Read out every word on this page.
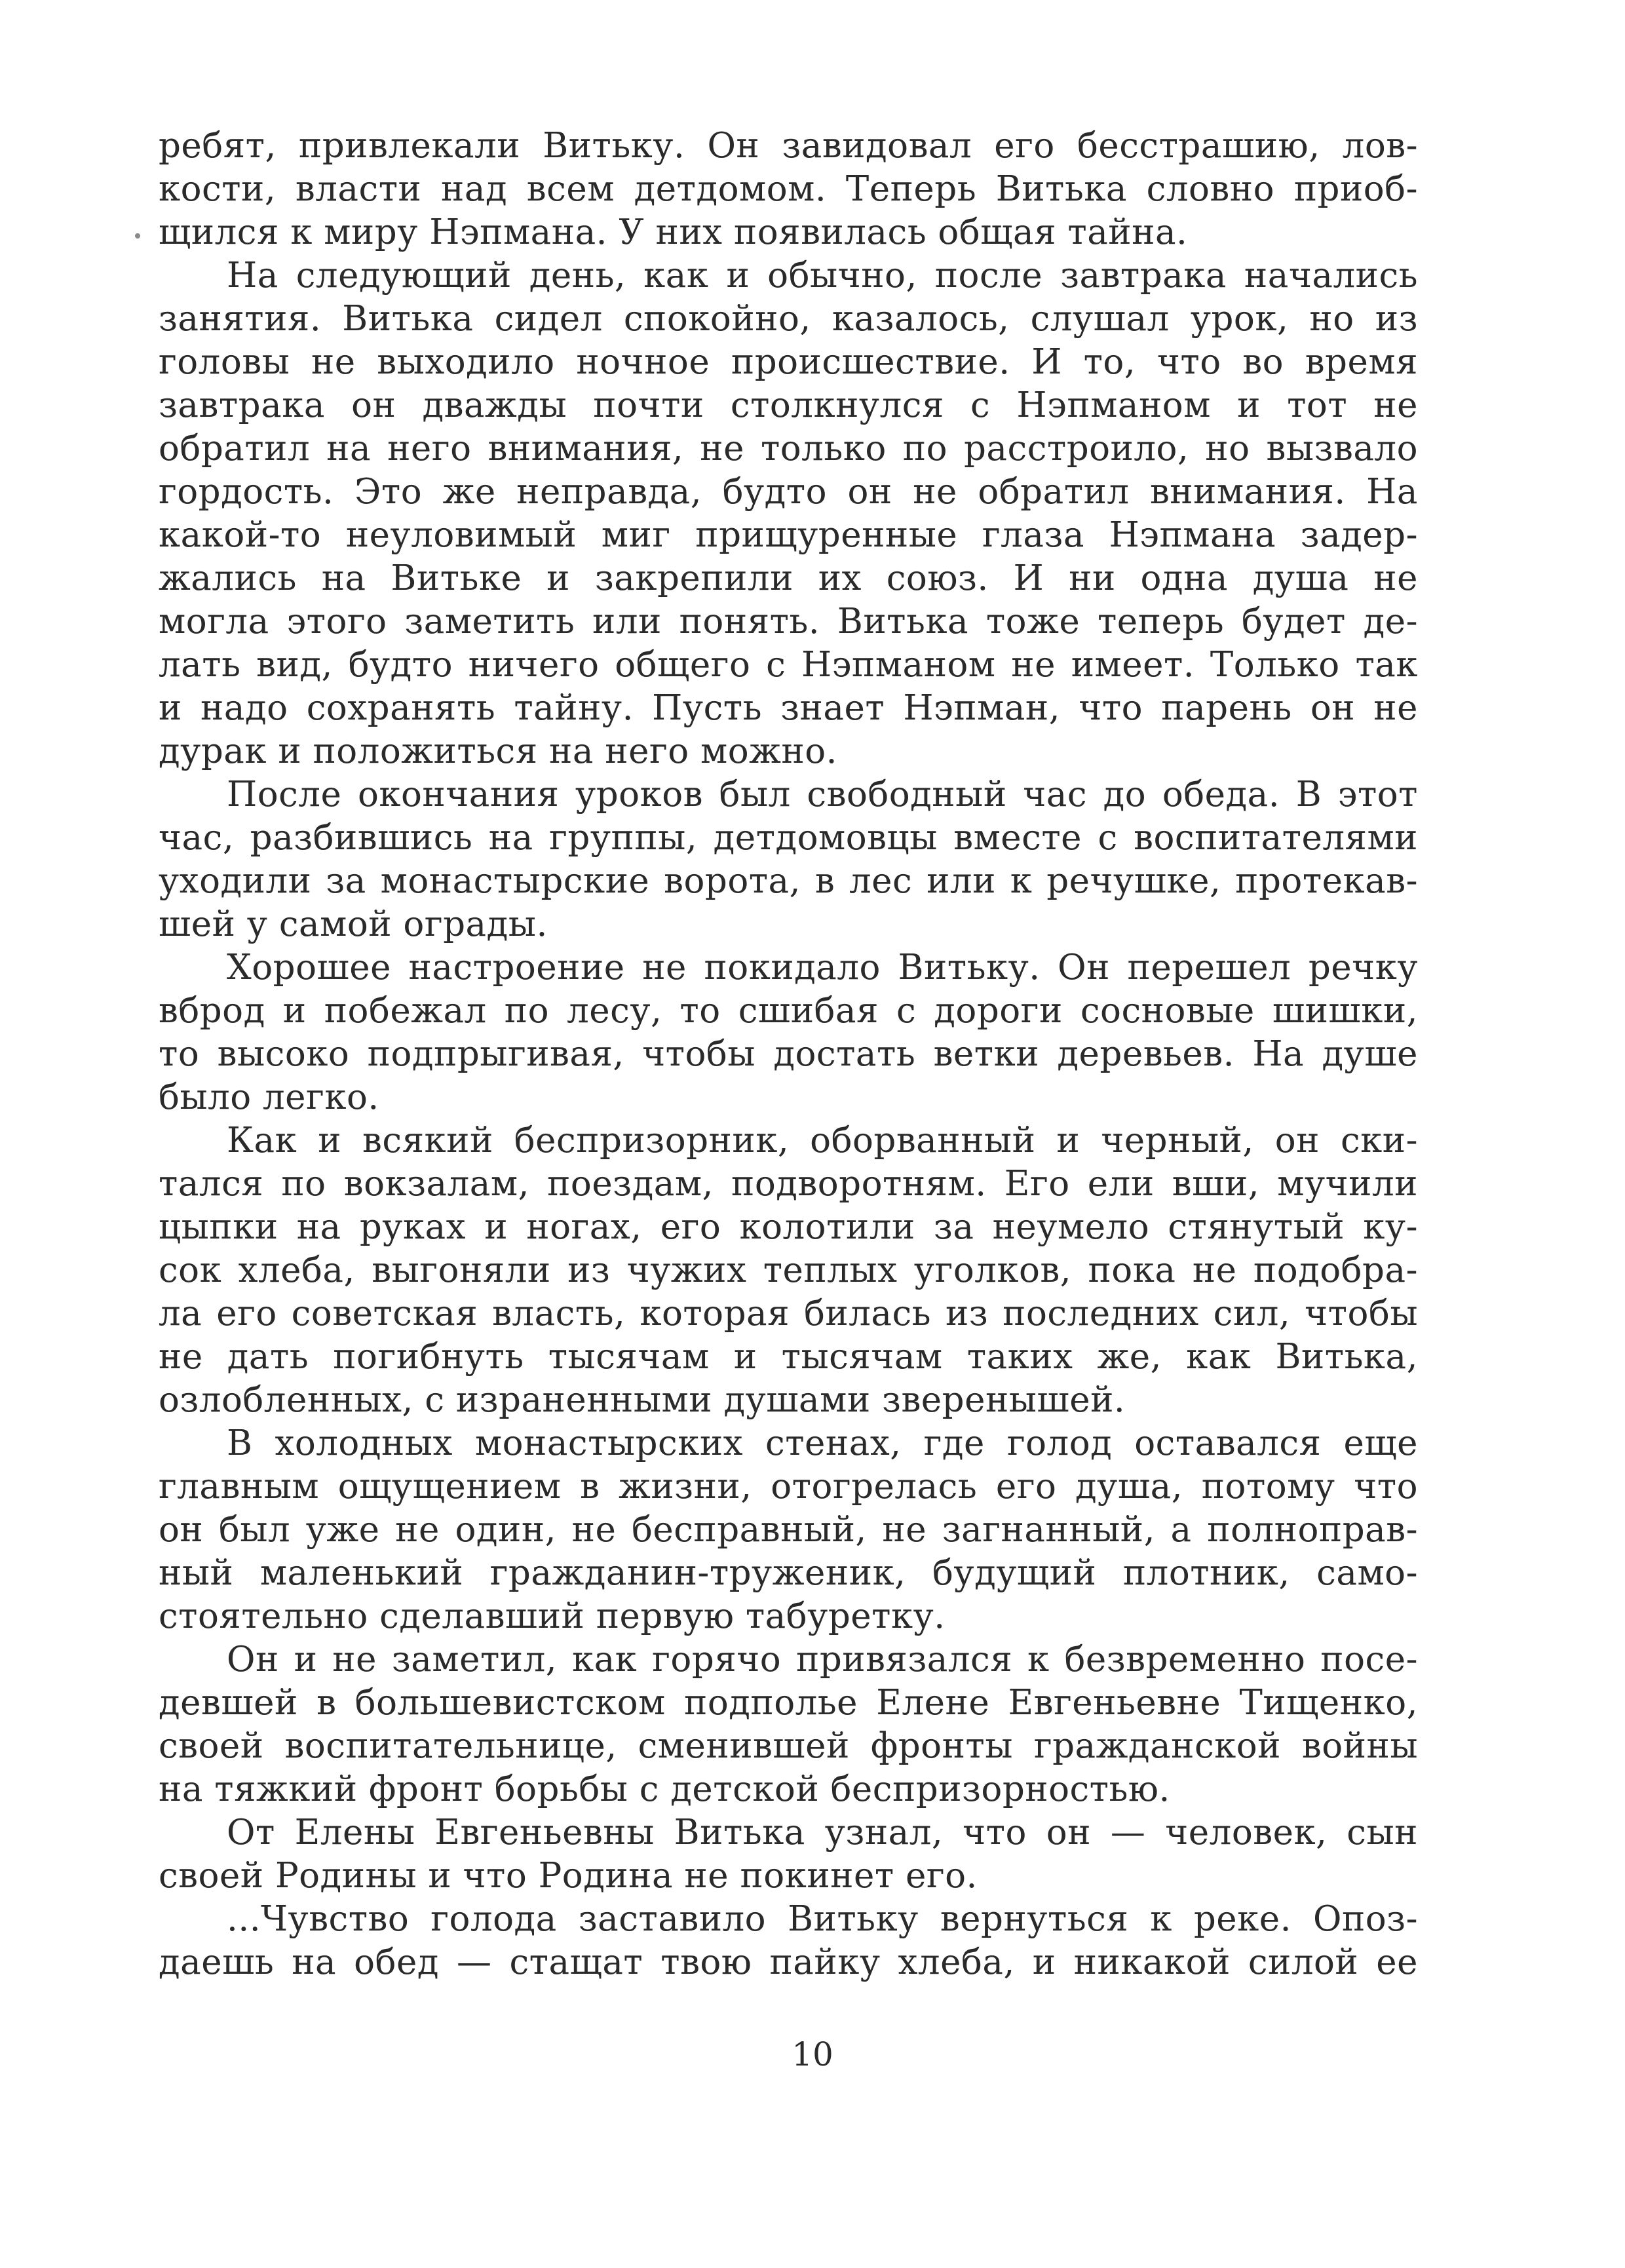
ребят, привлекали Витьку. Он завидовал его бесстрашию, лов-
кости, власти над всем детдомом. Теперь Витька словно приоб-
щился к миру Нэпмана. У них появилась общая тайна.
На следующий день, как и обычно, после завтрака начались
занятия. Витька сидел спокойно, казалось, слушал урок, но из
головы не выходило ночное происшествие. И то, что во время
завтрака он дважды почти столкнулся с Нэпманом и тот не
обратил на него внимания, не только по расстроило, но вызвало
гордость. Это же неправда, будто он не обратил внимания. На
какой-то неуловимый миг прищуренные глаза Нэпмана задер-
жались на Витьке и закрепили их союз. И ни одна душа не
могла этого заметить или понять. Витька тоже теперь будет де-
лать вид, будто ничего общего с Нэпманом не имеет. Только так
и надо сохранять тайну. Пусть знает Нэпман, что парень он не
дурак и положиться на него можно.
После окончания уроков был свободный час до обеда. В этот
час, разбившись на группы, детдомовцы вместе с воспитателями
уходили за монастырские ворота, в лес или к речушке, протекав-
шей у самой ограды.
Хорошее настроение не покидало Витьку. Он перешел речку
вброд и побежал по лесу, то сшибая с дороги сосновые шишки,
то высоко подпрыгивая, чтобы достать ветки деревьев. На душе
было легко.
Как и всякий беспризорник, оборванный и черный, он ски-
тался по вокзалам, поездам, подворотням. Его ели вши, мучили
цыпки на руках и ногах, его колотили за неумело стянутый ку-
сок хлеба, выгоняли из чужих теплых уголков, пока не подобра-
ла его советская власть, которая билась из последних сил, чтобы
не дать погибнуть тысячам и тысячам таких же, как Витька,
озлобленных, с израненными душами зверенышей.
В холодных монастырских стенах, где голод оставался еще
главным ощущением в жизни, отогрелась его душа, потому что
он был уже не один, не бесправный, не загнанный, а полноправ-
ный маленький гражданин-труженик, будущий плотник, само-
стоятельно сделавший первую табуретку.
Он и не заметил, как горячо привязался к безвременно посе-
девшей в большевистском подполье Елене Евгеньевне Тищенко,
своей воспитательнице, сменившей фронты гражданской войны
на тяжкий фронт борьбы с детской беспризорностью.
От Елены Евгеньевны Витька узнал, что он — человек, сын
своей Родины и что Родина не покинет его.
...Чувство голода заставило Витьку вернуться к реке. Опоз-
даешь на обед — стащат твою пайку хлеба, и никакой силой ее
10
